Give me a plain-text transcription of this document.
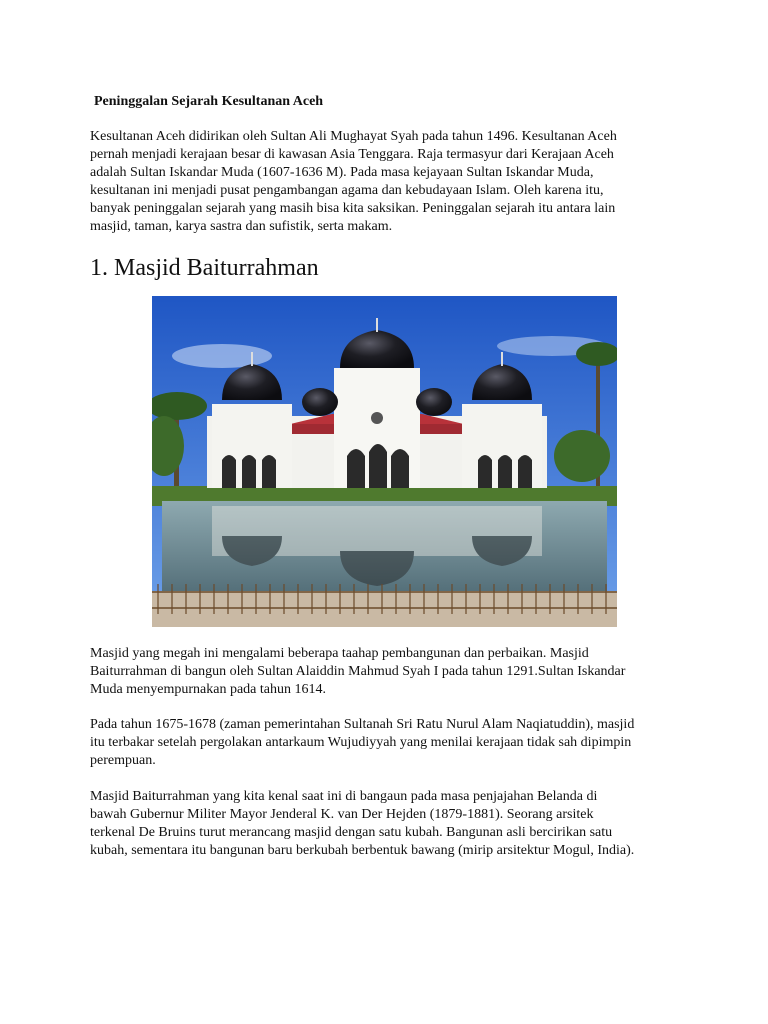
Peninggalan Sejarah Kesultanan Aceh
Kesultanan Aceh didirikan oleh Sultan Ali Mughayat Syah pada tahun 1496. Kesultanan Aceh
pernah menjadi kerajaan besar di kawasan Asia Tenggara. Raja termasyur dari Kerajaan Aceh
adalah Sultan Iskandar Muda (1607-1636 M). Pada masa kejayaan Sultan Iskandar Muda,
kesultanan ini menjadi pusat pengambangan agama dan kebudayaan Islam. Oleh karena itu,
banyak peninggalan sejarah yang masih bisa kita saksikan. Peninggalan sejarah itu antara lain
masjid, taman, karya sastra dan sufistik, serta makam.
1. Masjid Baiturrahman
Masjid yang megah ini mengalami beberapa taahap pembangunan dan perbaikan. Masjid
Baiturrahman di bangun oleh Sultan Alaiddin Mahmud Syah I pada tahun 1291.Sultan Iskandar
Muda menyempurnakan pada tahun 1614.
Pada tahun 1675-1678 (zaman pemerintahan Sultanah Sri Ratu Nurul Alam Naqiatuddin), masjid
itu terbakar setelah pergolakan antarkaum Wujudiyyah yang menilai kerajaan tidak sah dipimpin
perempuan.
Masjid Baiturrahman yang kita kenal saat ini di bangaun pada masa penjajahan Belanda di
bawah Gubernur Militer Mayor Jenderal K. van Der Hejden (1879-1881). Seorang arsitek
terkenal De Bruins turut merancang masjid dengan satu kubah. Bangunan asli bercirikan satu
kubah, sementara itu bangunan baru berkubah berbentuk bawang (mirip arsitektur Mogul, India).
